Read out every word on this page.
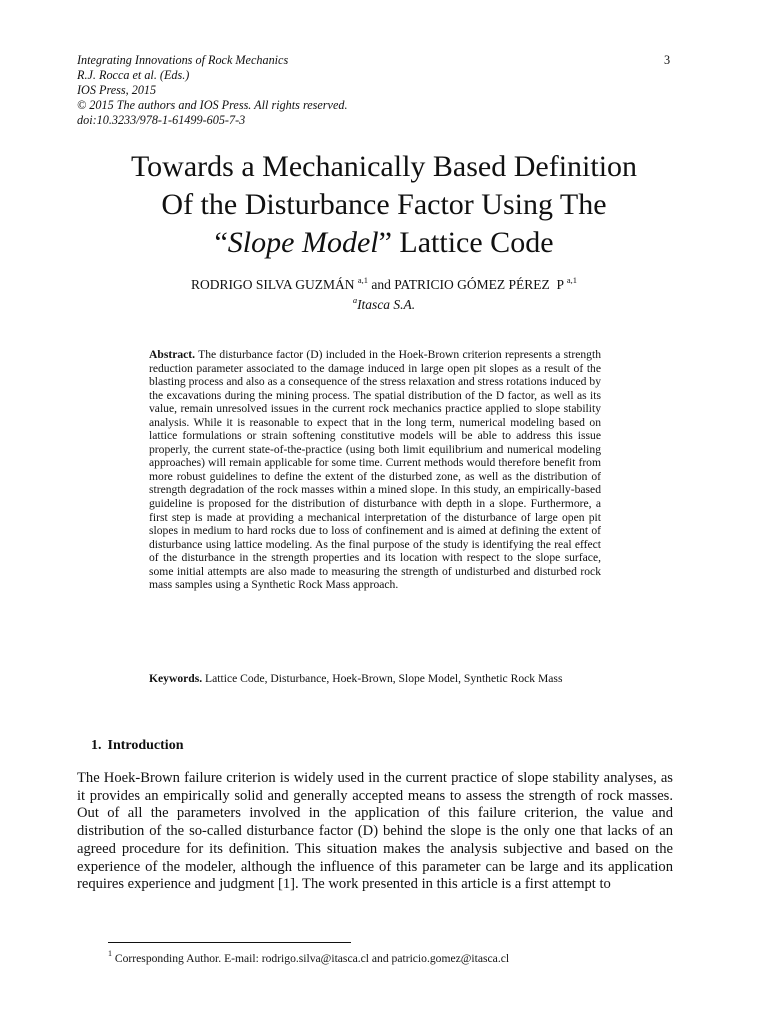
Integrating Innovations of Rock Mechanics
R.J. Rocca et al. (Eds.)
IOS Press, 2015
© 2015 The authors and IOS Press. All rights reserved.
doi:10.3233/978-1-61499-605-7-3
3
Towards a Mechanically Based Definition
Of the Disturbance Factor Using The
“Slope Model” Lattice Code
RODRIGO SILVA GUZMÁN $^{a,1}$ and PATRICIO GÓMEZ PÉREZ P $^{a,1}$
$^a$Itasca S.A.
Abstract. The disturbance factor (D) included in the Hoek-Brown criterion represents a strength reduction parameter associated to the damage induced in large open pit slopes as a result of the blasting process and also as a consequence of the stress relaxation and stress rotations induced by the excavations during the mining process. The spatial distribution of the D factor, as well as its value, remain unresolved issues in the current rock mechanics practice applied to slope stability analysis. While it is reasonable to expect that in the long term, numerical modeling based on lattice formulations or strain softening constitutive models will be able to address this issue properly, the current state-of-the-practice (using both limit equilibrium and numerical modeling approaches) will remain applicable for some time. Current methods would therefore benefit from more robust guidelines to define the extent of the disturbed zone, as well as the distribution of strength degradation of the rock masses within a mined slope. In this study, an empirically-based guideline is proposed for the distribution of disturbance with depth in a slope. Furthermore, a first step is made at providing a mechanical interpretation of the disturbance of large open pit slopes in medium to hard rocks due to loss of confinement and is aimed at defining the extent of disturbance using lattice modeling. As the final purpose of the study is identifying the real effect of the disturbance in the strength properties and its location with respect to the slope surface, some initial attempts are also made to measuring the strength of undisturbed and disturbed rock mass samples using a Synthetic Rock Mass approach.
Keywords. Lattice Code, Disturbance, Hoek-Brown, Slope Model, Synthetic Rock Mass
1. Introduction
The Hoek-Brown failure criterion is widely used in the current practice of slope stability analyses, as it provides an empirically solid and generally accepted means to assess the strength of rock masses. Out of all the parameters involved in the application of this failure criterion, the value and distribution of the so-called disturbance factor (D) behind the slope is the only one that lacks of an agreed procedure for its definition. This situation makes the analysis subjective and based on the experience of the modeler, although the influence of this parameter can be large and its application requires experience and judgment [1]. The work presented in this article is a first attempt to
$^1$ Corresponding Author. E-mail: rodrigo.silva@itasca.cl and patricio.gomez@itasca.cl
